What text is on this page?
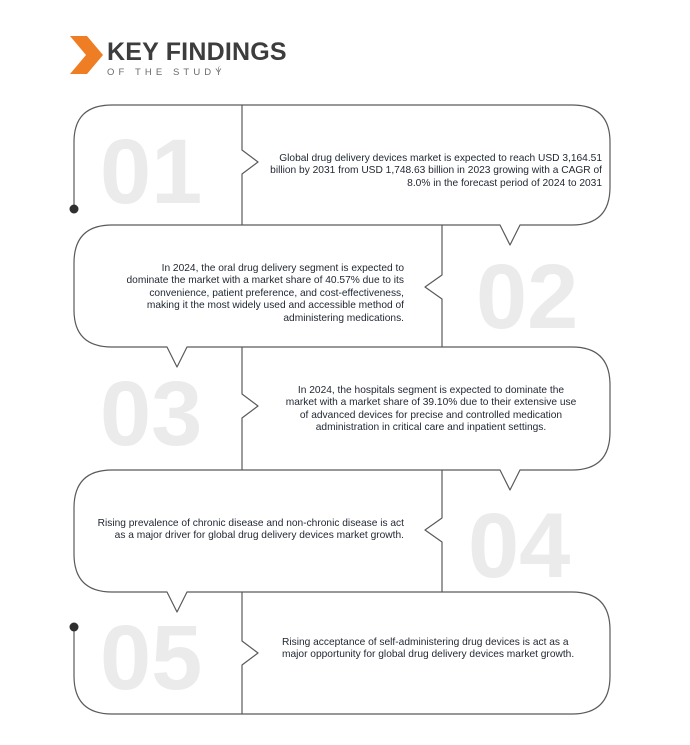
KEY FINDINGS
OF THE STUDY
01	Global drug delivery devices market is expected to reach USD 3,164.51 billion by 2031 from USD 1,748.63 billion in 2023 growing with a CAGR of 8.0% in the forecast period of 2024 to 2031
02
In 2024, the oral drug delivery segment is expected to dominate the market with a market share of 40.57% due to its convenience, patient preference, and cost-effectiveness, making it the most widely used and accessible method of administering medications.
03	In 2024, the hospitals segment is expected to dominate the market with a market share of 39.10% due to their extensive use of advanced devices for precise and controlled medication administration in critical care and inpatient settings.
04
Rising prevalence of chronic disease and non-chronic disease is act as a major driver for global drug delivery devices market growth.
05	Rising acceptance of self-administering drug devices is act as a major opportunity for global drug delivery devices market growth.
